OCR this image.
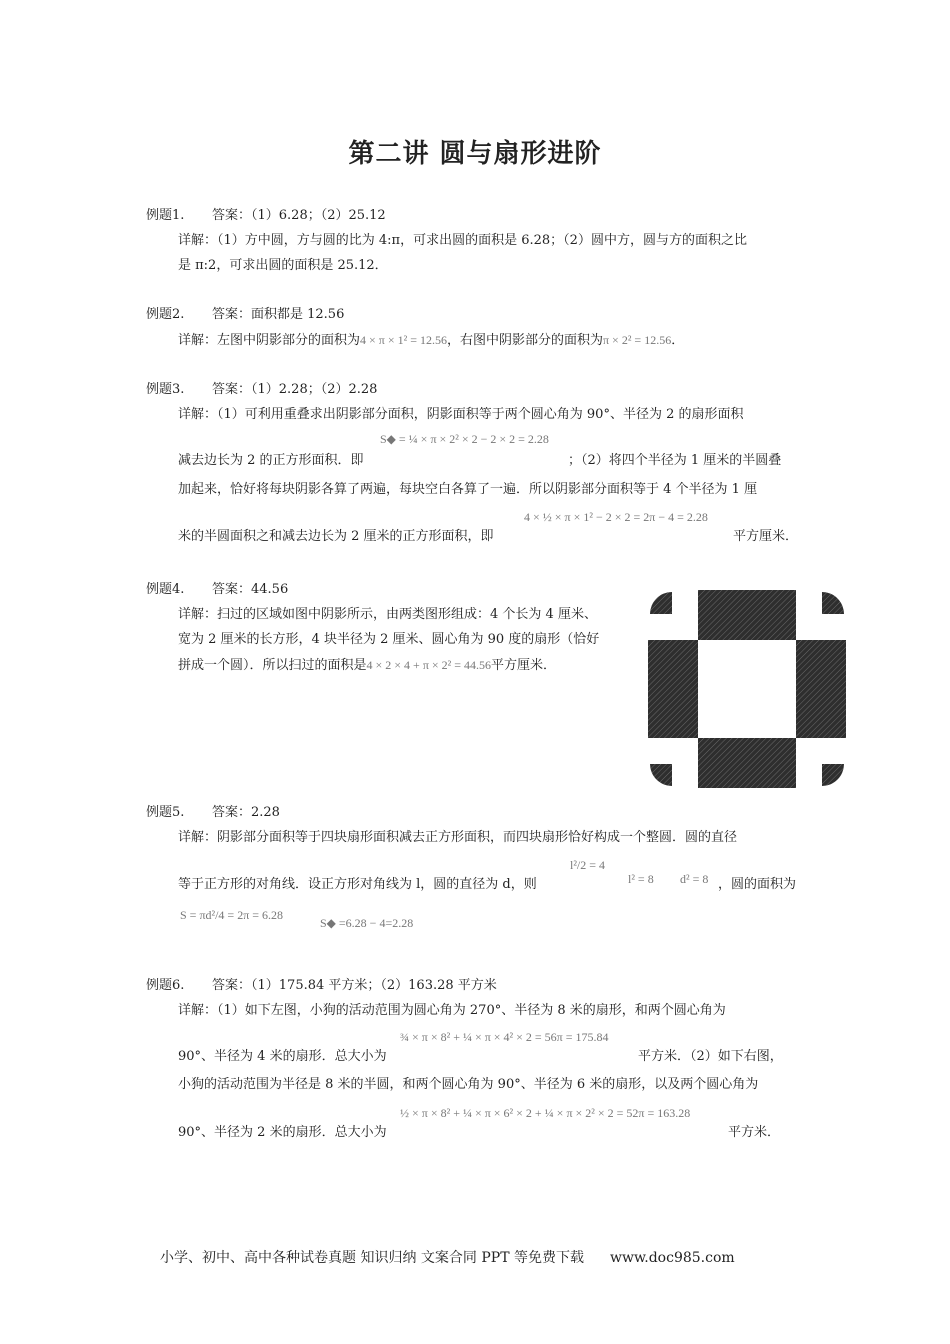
第二讲 圆与扇形进阶
例题1. 答案：（1）6.28；（2）25.12
详解：（1）方中圆，方与圆的比为 4:π，可求出圆的面积是 6.28；（2）圆中方，圆与方的面积之比
是 π:2，可求出圆的面积是 25.12．
例题2. 答案：面积都是 12.56
详解：左图中阴影部分的面积为4 × π × 1² = 12.56，右图中阴影部分的面积为π × 2² = 12.56．
例题3. 答案：（1）2.28；（2）2.28
详解：（1）可利用重叠求出阴影部分面积，阴影面积等于两个圆心角为 90°、半径为 2 的扇形面积
S◆ = ¼ × π × 2² × 2 − 2 × 2 = 2.28
减去边长为 2 的正方形面积．即	；（2）将四个半径为 1 厘米的半圆叠
加起来，恰好将每块阴影各算了两遍，每块空白各算了一遍．所以阴影部分面积等于 4 个半径为 1 厘
4 × ½ × π × 1² − 2 × 2 = 2π − 4 = 2.28
米的半圆面积之和减去边长为 2 厘米的正方形面积，即	平方厘米．
例题4. 答案：44.56
详解：扫过的区域如图中阴影所示，由两类图形组成：4 个长为 4 厘米、
宽为 2 厘米的长方形，4 块半径为 2 厘米、圆心角为 90 度的扇形（恰好
拼成一个圆）．所以扫过的面积是4 × 2 × 4 + π × 2² = 44.56平方厘米．
例题5. 答案：2.28
详解：阴影部分面积等于四块扇形面积减去正方形面积，而四块扇形恰好构成一个整圆．圆的直径
等于正方形的对角线．设正方形对角线为 l，圆的直径为 d，则
l²/2 = 4
l² = 8 d² = 8 ，圆的面积为
S = πd²/4 = 2π = 6.28
S◆ =6.28 − 4=2.28
例题6. 答案：（1）175.84 平方米；（2）163.28 平方米
详解：（1）如下左图，小狗的活动范围为圆心角为 270°、半径为 8 米的扇形，和两个圆心角为
¾ × π × 8² + ¼ × π × 4² × 2 = 56π = 175.84
90°、半径为 4 米的扇形．总大小为	平方米．（2）如下右图，
小狗的活动范围为半径是 8 米的半圆，和两个圆心角为 90°、半径为 6 米的扇形，以及两个圆心角为
½ × π × 8² + ¼ × π × 6² × 2 + ¼ × π × 2² × 2 = 52π = 163.28
90°、半径为 2 米的扇形．总大小为	平方米．
小学、初中、高中各种试卷真题 知识归纳 文案合同 PPT 等免费下载 www.doc985.com
